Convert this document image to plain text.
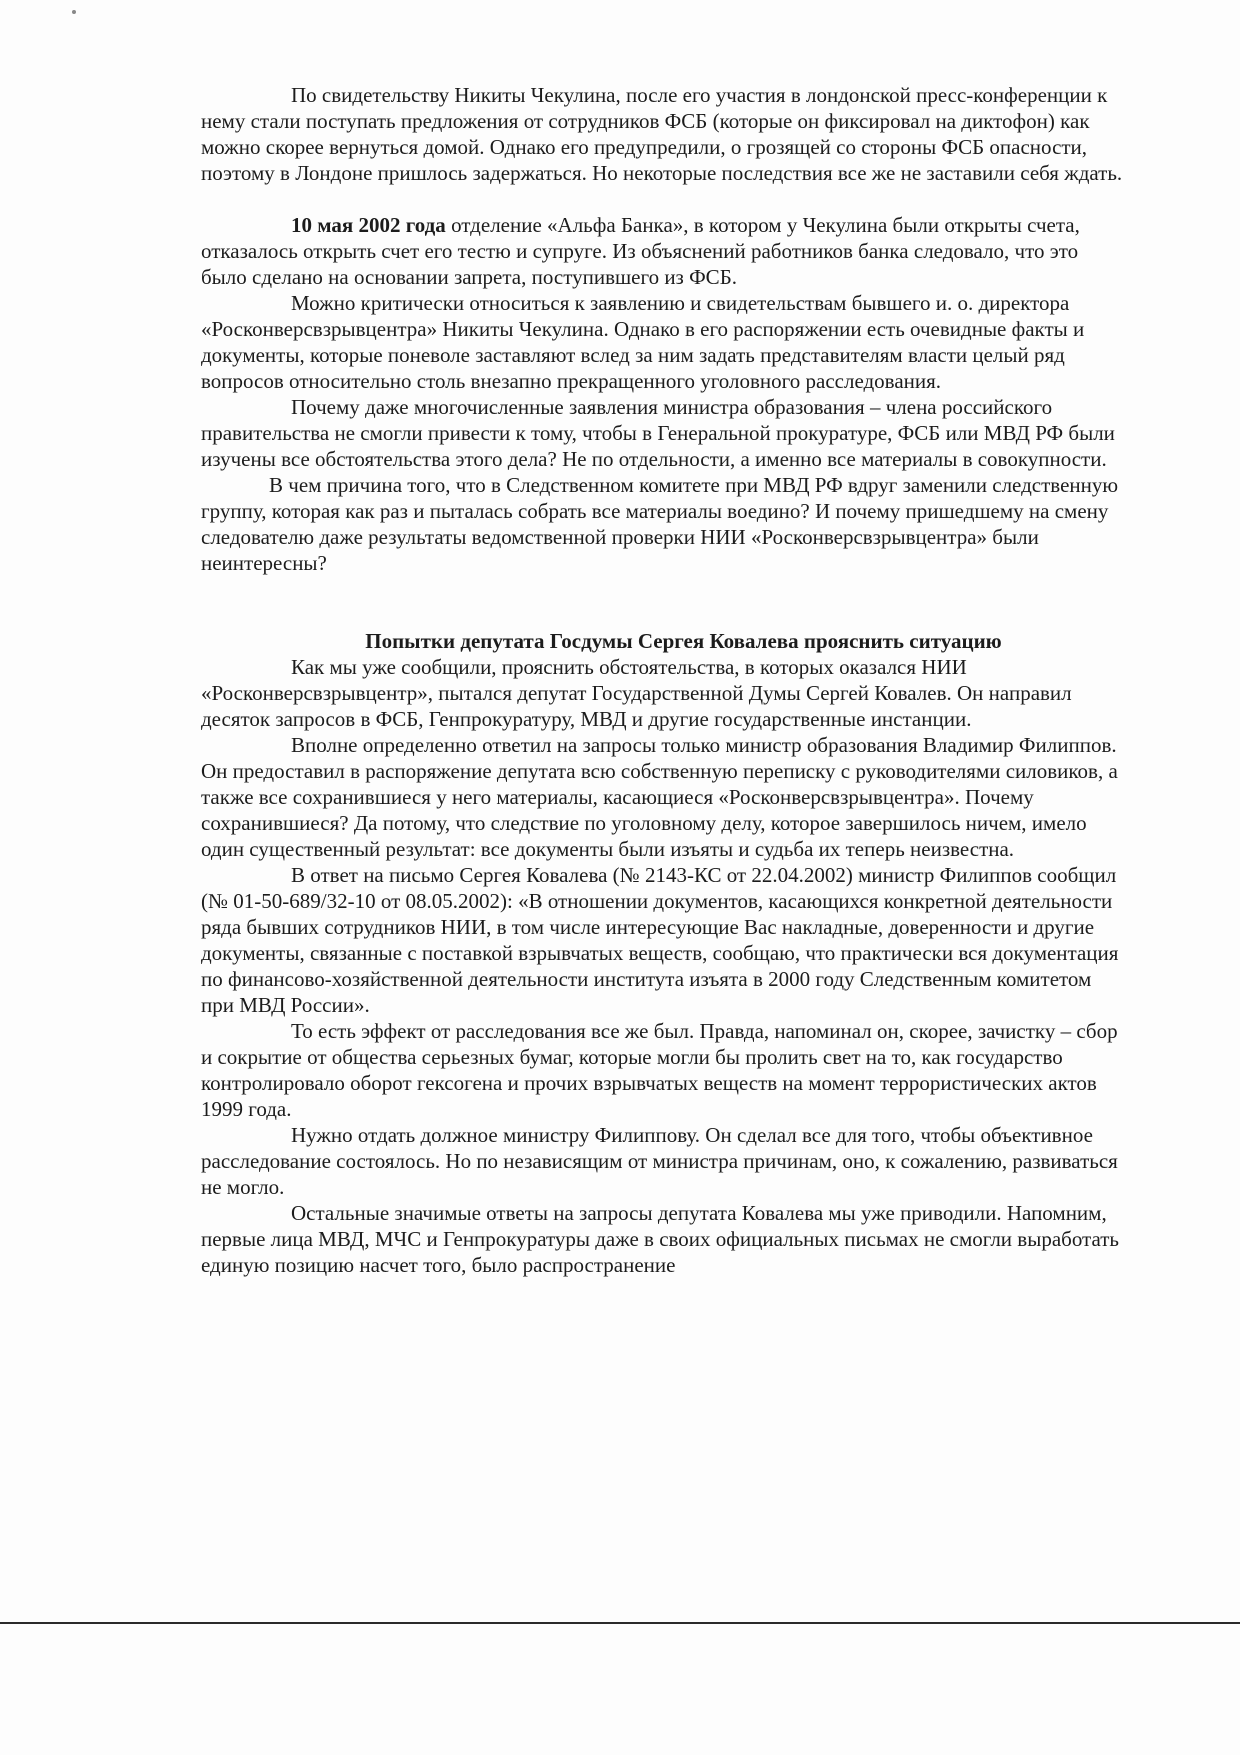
По свидетельству Никиты Чекулина, после его участия в лондонской пресс-конференции к нему стали поступать предложения от сотрудников ФСБ (которые он фиксировал на диктофон) как можно скорее вернуться домой. Однако его предупредили, о грозящей со стороны ФСБ опасности, поэтому в Лондоне пришлось задержаться. Но некоторые последствия все же не заставили себя ждать.

10 мая 2002 года отделение «Альфа Банка», в котором у Чекулина были открыты счета, отказалось открыть счет его тестю и супруге. Из объяснений работников банка следовало, что это было сделано на основании запрета, поступившего из ФСБ.

Можно критически относиться к заявлению и свидетельствам бывшего и. о. директора «Росконверсвзрывцентра» Никиты Чекулина. Однако в его распоряжении есть очевидные факты и документы, которые поневоле заставляют вслед за ним задать представителям власти целый ряд вопросов относительно столь внезапно прекращенного уголовного расследования.

Почему даже многочисленные заявления министра образования – члена российского правительства не смогли привести к тому, чтобы в Генеральной прокуратуре, ФСБ или МВД РФ были изучены все обстоятельства этого дела? Не по отдельности, а именно все материалы в совокупности.

В чем причина того, что в Следственном комитете при МВД РФ вдруг заменили следственную группу, которая как раз и пыталась собрать все материалы воедино? И почему пришедшему на смену следователю даже результаты ведомственной проверки НИИ «Росконверсвзрывцентра» были неинтересны?

Попытки депутата Госдумы Сергея Ковалева прояснить ситуацию

Как мы уже сообщили, прояснить обстоятельства, в которых оказался НИИ «Росконверсвзрывцентр», пытался депутат Государственной Думы Сергей Ковалев. Он направил десяток запросов в ФСБ, Генпрокуратуру, МВД и другие государственные инстанции.

Вполне определенно ответил на запросы только министр образования Владимир Филиппов. Он предоставил в распоряжение депутата всю собственную переписку с руководителями силовиков, а также все сохранившиеся у него материалы, касающиеся «Росконверсвзрывцентра». Почему сохранившиеся? Да потому, что следствие по уголовному делу, которое завершилось ничем, имело один существенный результат: все документы были изъяты и судьба их теперь неизвестна.

В ответ на письмо Сергея Ковалева (№ 2143-КС от 22.04.2002) министр Филиппов сообщил (№ 01-50-689/32-10 от 08.05.2002): «В отношении документов, касающихся конкретной деятельности ряда бывших сотрудников НИИ, в том числе интересующие Вас накладные, доверенности и другие документы, связанные с поставкой взрывчатых веществ, сообщаю, что практически вся документация по финансово-хозяйственной деятельности института изъята в 2000 году Следственным комитетом при МВД России».

То есть эффект от расследования все же был. Правда, напоминал он, скорее, зачистку – сбор и сокрытие от общества серьезных бумаг, которые могли бы пролить свет на то, как государство контролировало оборот гексогена и прочих взрывчатых веществ на момент террористических актов 1999 года.

Нужно отдать должное министру Филиппову. Он сделал все для того, чтобы объективное расследование состоялось. Но по независящим от министра причинам, оно, к сожалению, развиваться не могло.

Остальные значимые ответы на запросы депутата Ковалева мы уже приводили. Напомним, первые лица МВД, МЧС и Генпрокуратуры даже в своих официальных письмах не смогли выработать единую позицию насчет того, было распространение
